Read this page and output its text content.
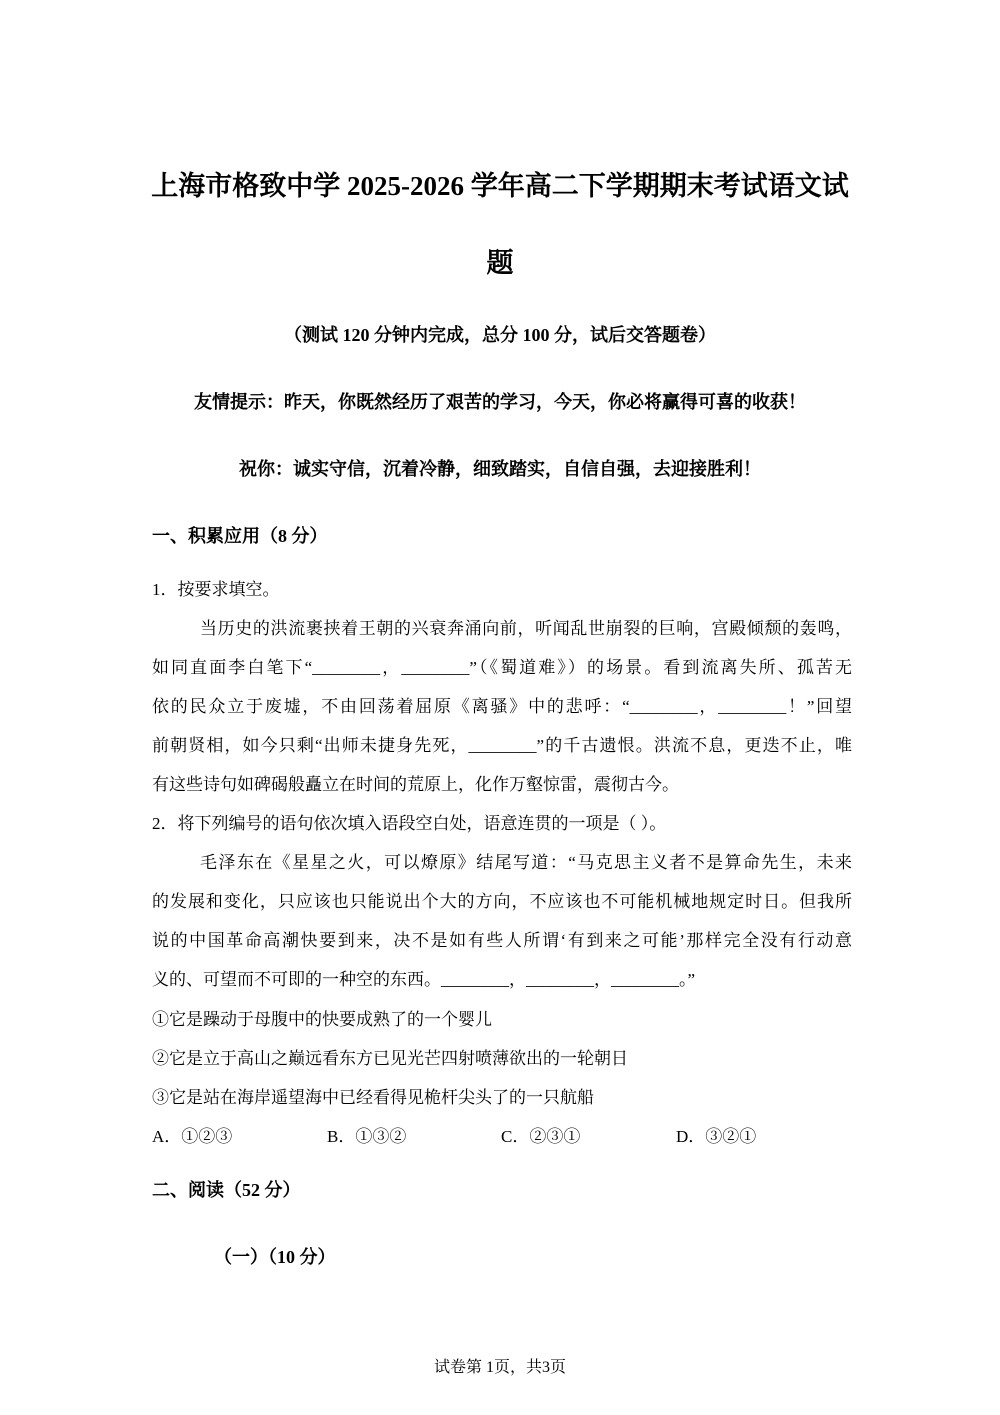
上海市格致中学 2025-2026 学年高二下学期期末考试语文试
题
（测试 120 分钟内完成，总分 100 分，试后交答题卷）
友情提示：昨天，你既然经历了艰苦的学习，今天，你必将赢得可喜的收获！
祝你：诚实守信，沉着冷静，细致踏实，自信自强，去迎接胜利！
一、积累应用（8 分）
1．按要求填空。
当历史的洪流裹挟着王朝的兴衰奔涌向前，听闻乱世崩裂的巨响，宫殿倾颓的轰鸣，
如同直面李白笔下“________，________”（《蜀道难》）的场景。看到流离失所、孤苦无
依的民众立于废墟，不由回荡着屈原《离骚》中的悲呼：“________，________！”回望
前朝贤相，如今只剩“出师未捷身先死，________”的千古遗恨。洪流不息，更迭不止，唯
有这些诗句如碑碣般矗立在时间的荒原上，化作万壑惊雷，震彻古今。
2．将下列编号的语句依次填入语段空白处，语意连贯的一项是（ ）。
毛泽东在《星星之火，可以燎原》结尾写道：“马克思主义者不是算命先生，未来
的发展和变化，只应该也只能说出个大的方向，不应该也不可能机械地规定时日。但我所
说的中国革命高潮快要到来，决不是如有些人所谓‘有到来之可能’那样完全没有行动意
义的、可望而不可即的一种空的东西。________，________，________。”
①它是躁动于母腹中的快要成熟了的一个婴儿
②它是立于高山之巅远看东方已见光芒四射喷薄欲出的一轮朝日
③它是站在海岸遥望海中已经看得见桅杆尖头了的一只航船
A．①②③	B．①③②	C．②③①	D．③②①
二、阅读（52 分）
（一）（10 分）
试卷第 1页，共3页
